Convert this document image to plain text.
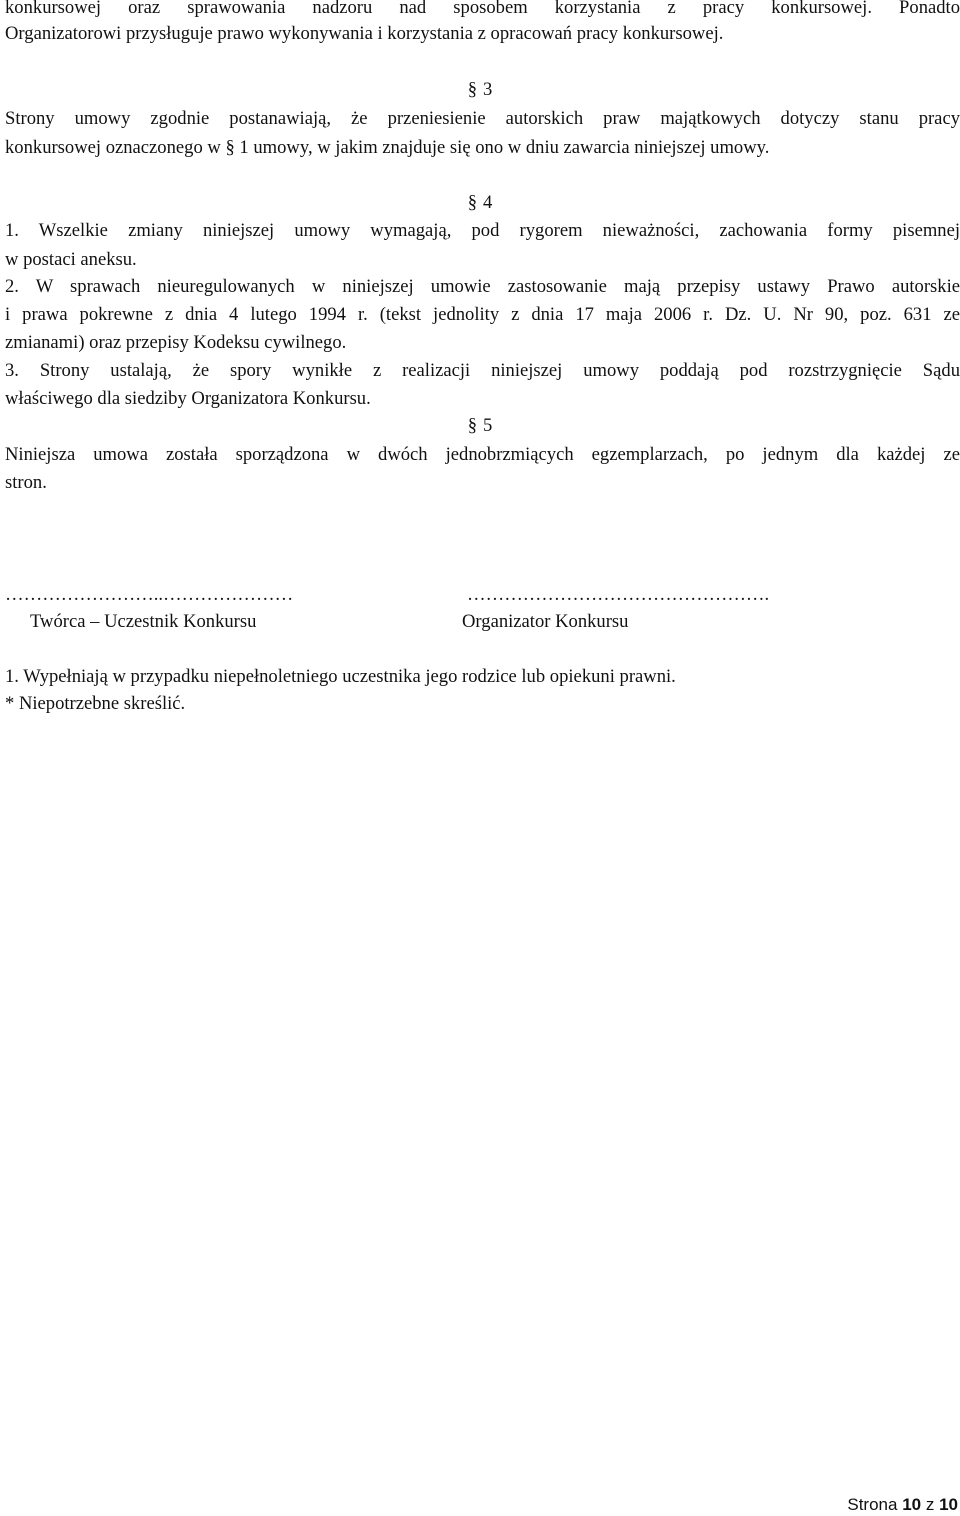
konkursowej oraz sprawowania nadzoru nad sposobem korzystania z pracy konkursowej. Ponadto
Organizatorowi przysługuje prawo wykonywania i korzystania z opracowań pracy konkursowej.
§ 3
Strony umowy zgodnie postanawiają, że przeniesienie autorskich praw majątkowych dotyczy stanu pracy
konkursowej oznaczonego w § 1 umowy, w jakim znajduje się ono w dniu zawarcia niniejszej umowy.
§ 4
1. Wszelkie zmiany niniejszej umowy wymagają, pod rygorem nieważności, zachowania formy pisemnej
w postaci aneksu.
2. W sprawach nieuregulowanych w niniejszej umowie zastosowanie mają przepisy ustawy Prawo autorskie
i prawa pokrewne z dnia 4 lutego 1994 r. (tekst jednolity z dnia 17 maja 2006 r. Dz. U. Nr 90, poz. 631 ze
zmianami) oraz przepisy Kodeksu cywilnego.
3. Strony ustalają, że spory wynikłe z realizacji niniejszej umowy poddają pod rozstrzygnięcie Sądu
właściwego dla siedziby Organizatora Konkursu.
§ 5
Niniejsza umowa została sporządzona w dwóch jednobrzmiących egzemplarzach, po jednym dla każdej ze
stron.
……………………..…………………
Twórca – Uczestnik Konkursu
………………………………………….
Organizator Konkursu
1. Wypełniają w przypadku niepełnoletniego uczestnika jego rodzice lub opiekuni prawni.
* Niepotrzebne skreślić.
Strona 10 z 10
